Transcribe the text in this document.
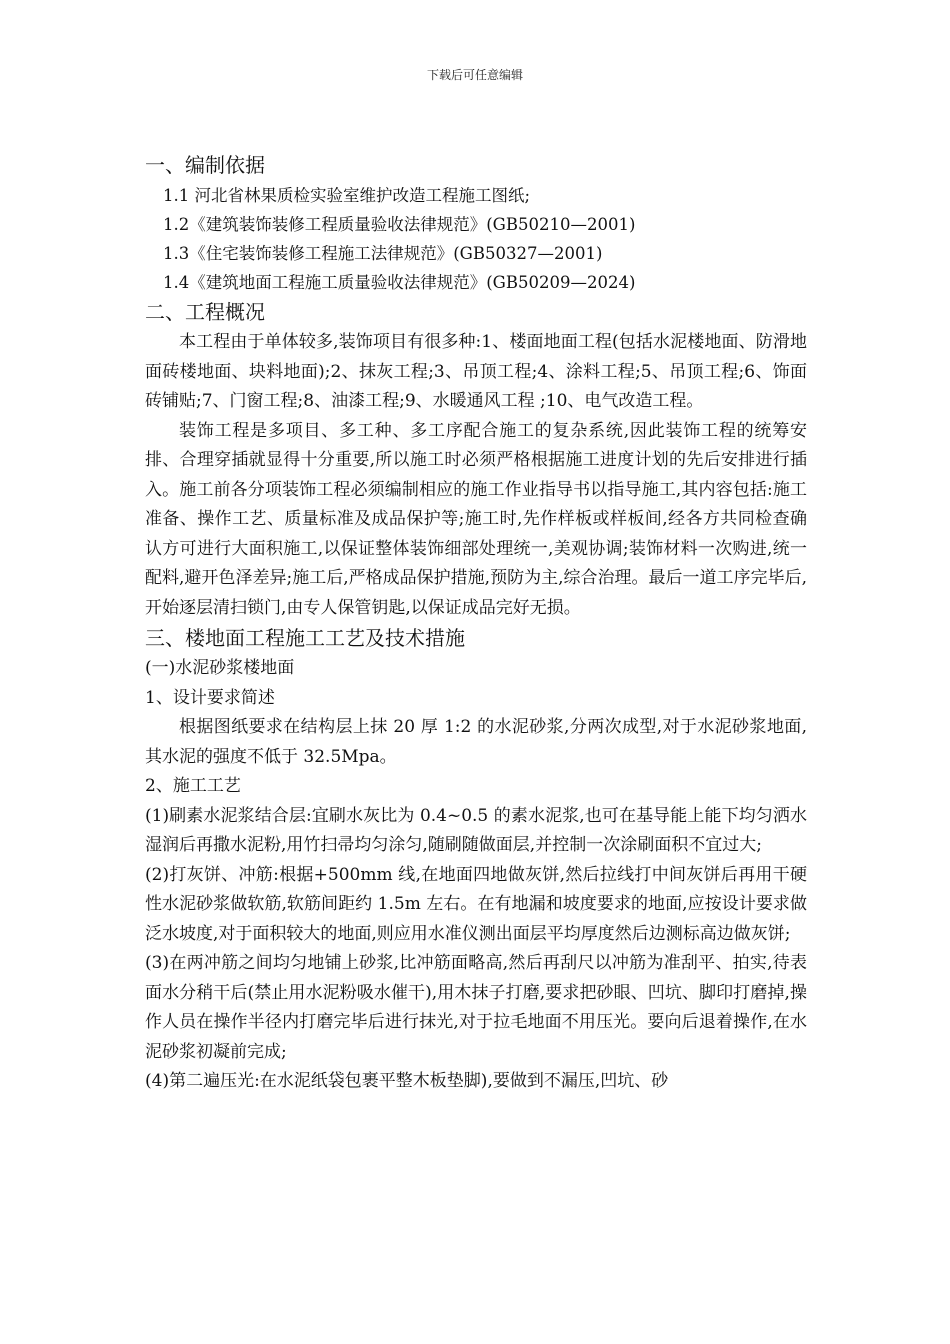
下载后可任意编辑
一、编制依据
1.1 河北省林果质检实验室维护改造工程施工图纸;
1.2《建筑装饰装修工程质量验收法律规范》(GB50210—2001)
1.3《住宅装饰装修工程施工法律规范》(GB50327—2001)
1.4《建筑地面工程施工质量验收法律规范》(GB50209—2024)
二、工程概况

本工程由于单体较多,装饰项目有很多种:1、楼面地面工程(包括水泥楼地面、防滑地面砖楼地面、块料地面);2、抹灰工程;3、吊顶工程;4、涂料工程;5、吊顶工程;6、饰面砖铺贴;7、门窗工程;8、油漆工程;9、水暖通风工程 ;10、电气改造工程。

装饰工程是多项目、多工种、多工序配合施工的复杂系统,因此装饰工程的统筹安排、合理穿插就显得十分重要,所以施工时必须严格根据施工进度计划的先后安排进行插入。施工前各分项装饰工程必须编制相应的施工作业指导书以指导施工,其内容包括:施工准备、操作工艺、质量标准及成品保护等;施工时,先作样板或样板间,经各方共同检查确认方可进行大面积施工,以保证整体装饰细部处理统一,美观协调;装饰材料一次购进,统一配料,避开色泽差异;施工后,严格成品保护措施,预防为主,综合治理。最后一道工序完毕后,开始逐层清扫锁门,由专人保管钥匙,以保证成品完好无损。

三、楼地面工程施工工艺及技术措施

(一)水泥砂浆楼地面

1、设计要求简述

根据图纸要求在结构层上抹 20 厚 1:2 的水泥砂浆,分两次成型,对于水泥砂浆地面,其水泥的强度不低于 32.5Mpa。

2、施工工艺

(1)刷素水泥浆结合层:宜刷水灰比为 0.4~0.5 的素水泥浆,也可在基导能上能下均匀洒水湿润后再撒水泥粉,用竹扫帚均匀涂匀,随刷随做面层,并控制一次涂刷面积不宜过大;

(2)打灰饼、冲筋:根据+500mm 线,在地面四地做灰饼,然后拉线打中间灰饼后再用干硬性水泥砂浆做软筋,软筋间距约 1.5m 左右。在有地漏和坡度要求的地面,应按设计要求做泛水坡度,对于面积较大的地面,则应用水准仪测出面层平均厚度然后边测标高边做灰饼;

(3)在两冲筋之间均匀地铺上砂浆,比冲筋面略高,然后再刮尺以冲筋为准刮平、拍实,待表面水分稍干后(禁止用水泥粉吸水催干),用木抹子打磨,要求把砂眼、凹坑、脚印打磨掉,操作人员在操作半径内打磨完毕后进行抹光,对于拉毛地面不用压光。要向后退着操作,在水泥砂浆初凝前完成;

(4)第二遍压光:在水泥纸袋包裹平整木板垫脚),要做到不漏压,凹坑、砂
